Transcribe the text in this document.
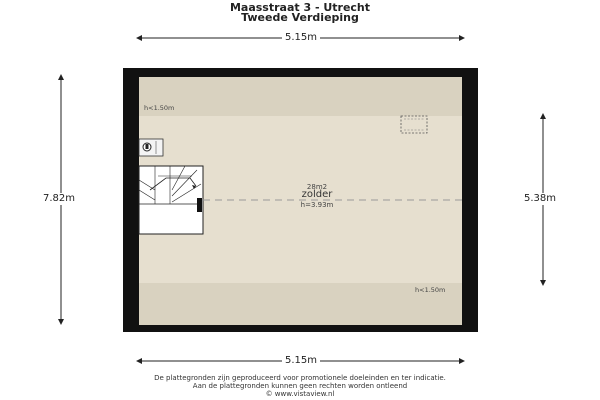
Maasstraat 3 - Utrecht
Tweede Verdieping
5.15m
5.15m
7.82m	5.38m
h<1.50m
h<1.50m
28m2
zolder
h=3.93m
De plattegronden zijn geproduceerd voor promotionele doeleinden en ter indicatie.
Aan de plattegronden kunnen geen rechten worden ontleend
© www.vistaview.nl
